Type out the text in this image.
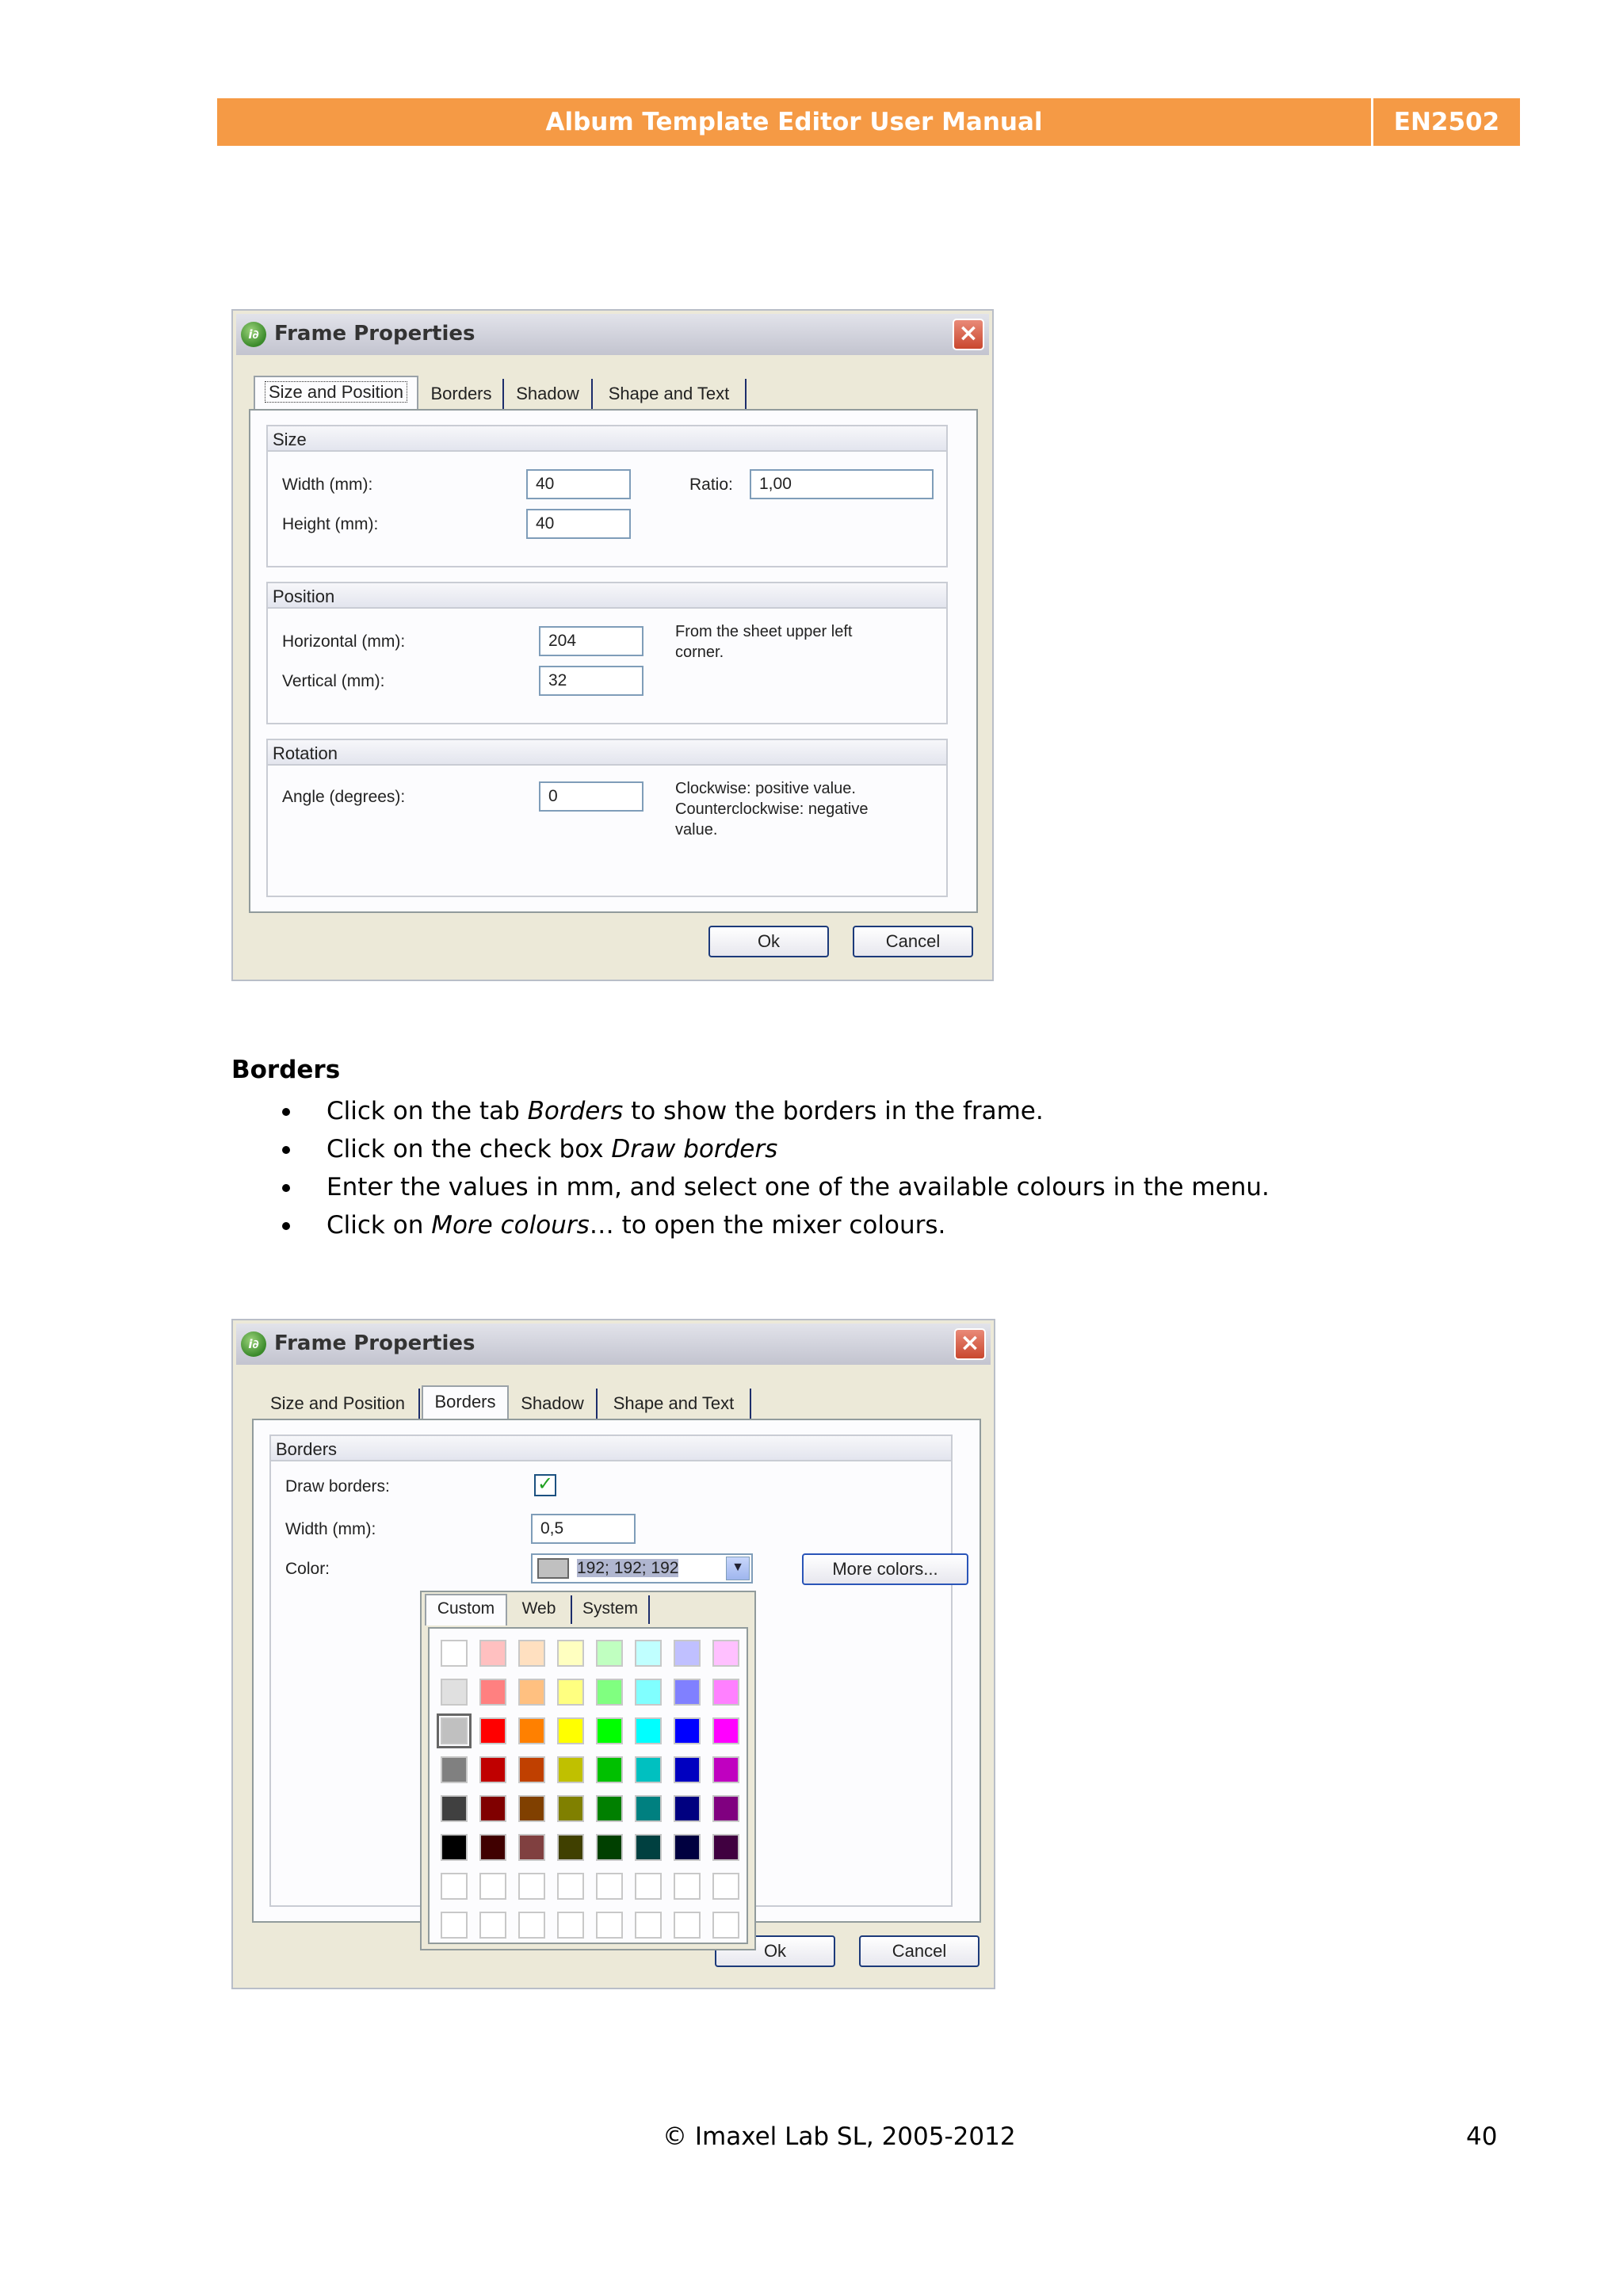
Album Template Editor User Manual	EN2502
i∂ Frame Properties	×
Size and Position	Borders	Shadow	Shape and Text
Size
Width (mm):	40
Height (mm):	40
Ratio:	1,00
Position
Horizontal (mm):	204
Vertical (mm):	32
From the sheet upper left
corner.
Rotation
Angle (degrees):	0	Clockwise: positive value.
Counterclockwise: negative
value.
Ok	Cancel
Borders
Click on the tab Borders to show the borders in the frame.
Click on the check box Draw borders
Enter the values in mm, and select one of the available colours in the menu.
Click on More colours… to open the mixer colours.
i∂ Frame Properties	×
Size and Position	Borders	Shadow	Shape and Text
Borders
Draw borders:	✓
Width (mm):	0,5
Color:	192; 192; 192	▼	More colors...
Ok	Cancel
Custom	Web	System
© Imaxel Lab SL, 2005-2012	40
